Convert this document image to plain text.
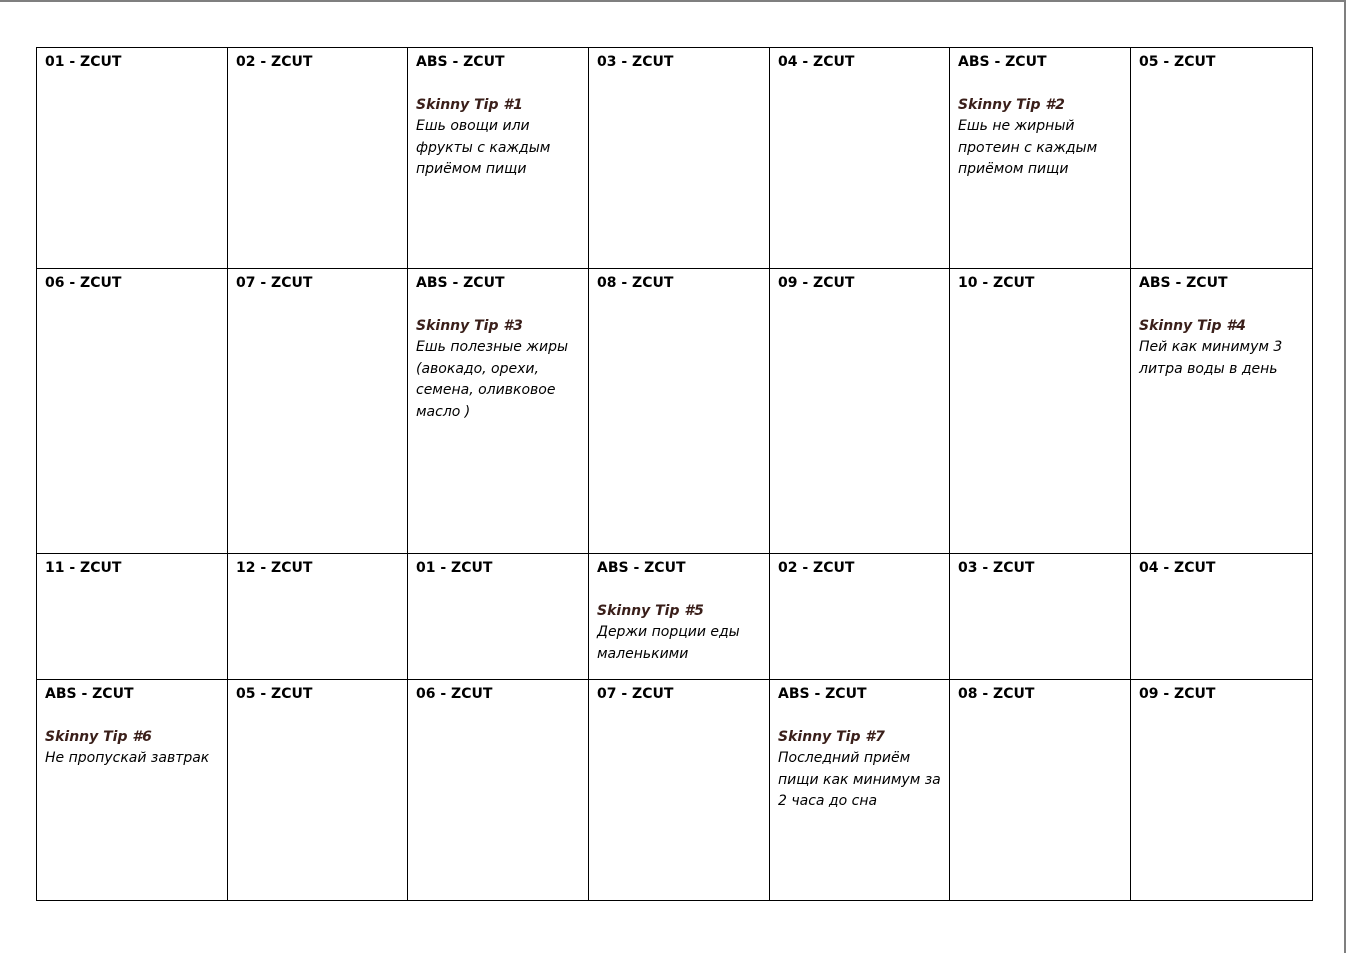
01 - ZCUT	02 - ZCUT	ABS - ZCUT
Skinny Tip #1
Ешь овощи или фрукты с каждым приёмом пищи	03 - ZCUT	04 - ZCUT	ABS - ZCUT
Skinny Tip #2
Ешь не жирный протеин с каждым приёмом пищи	05 - ZCUT

06 - ZCUT	07 - ZCUT	ABS - ZCUT
Skinny Tip #3
Ешь полезные жиры (авокадо, орехи, семена, оливковое масло )	08 - ZCUT	09 - ZCUT	10 - ZCUT	ABS - ZCUT
Skinny Tip #4
Пей как минимум 3 литра воды в день

11 - ZCUT	12 - ZCUT	01 - ZCUT	ABS - ZCUT
Skinny Tip #5
Держи порции еды маленькими	02 - ZCUT	03 - ZCUT	04 - ZCUT

ABS - ZCUT
Skinny Tip #6
Не пропускай завтрак	05 - ZCUT	06 - ZCUT	07 - ZCUT	ABS - ZCUT
Skinny Tip #7
Последний приём пищи как минимум за 2 часа до сна	08 - ZCUT	09 - ZCUT
